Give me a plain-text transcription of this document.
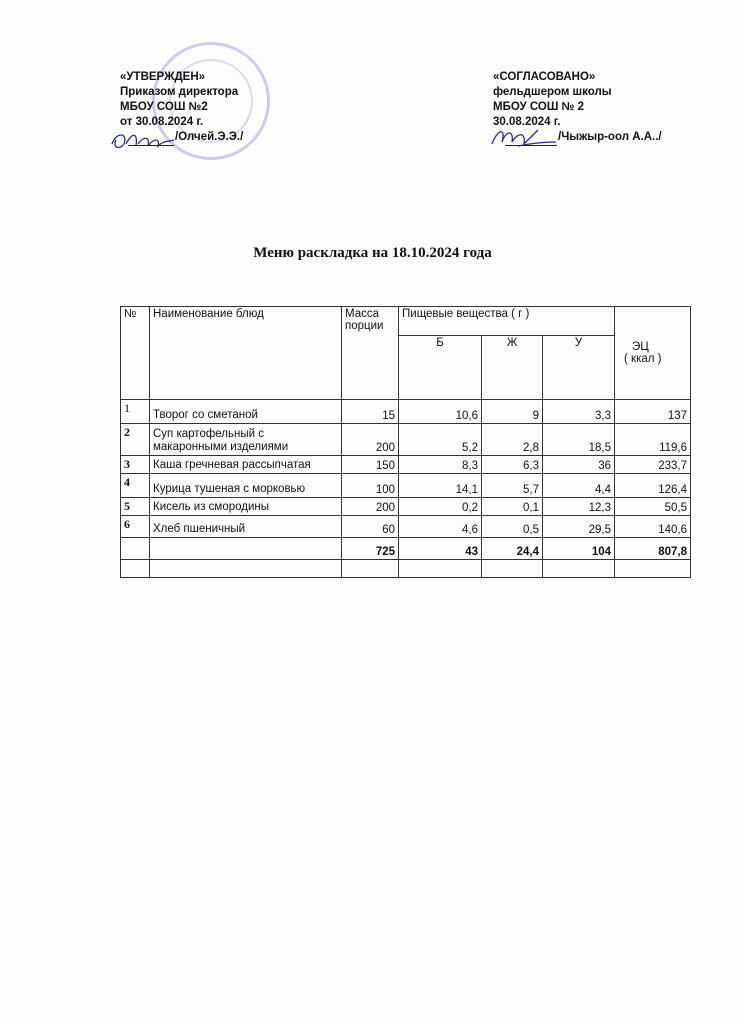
«УТВЕРЖДЕН»
Приказом директора
МБОУ СОШ №2
от 30.08.2024 г.
/Олчей.Э.Э./
«СОГЛАСОВАНО»
фельдшером школы
МБОУ СОШ № 2
30.08.2024 г.
/Чыжыр-оол А.А../
Меню раскладка на 18.10.2024 года
№	Наименование блюд	Масса порции	Пищевые вещества ( г )			ЭЦ
( ккал )

			Б	Ж	У	
1	Творог со сметаной	15	10,6	9	3,3	137
2	Суп картофельный с макаронными изделиями	200	5,2	2,8	18,5	119,6
3	Каша гречневая рассыпчатая	150	8,3	6,3	36	233,7
4	Курица тушеная с морковью	100	14,1	5,7	4,4	126,4
5	Кисель из смородины	200	0,2	0,1	12,3	50,5
6	Хлеб пшеничный	60	4,6	0,5	29,5	140,6
		725	43	24,4	104	807,8
